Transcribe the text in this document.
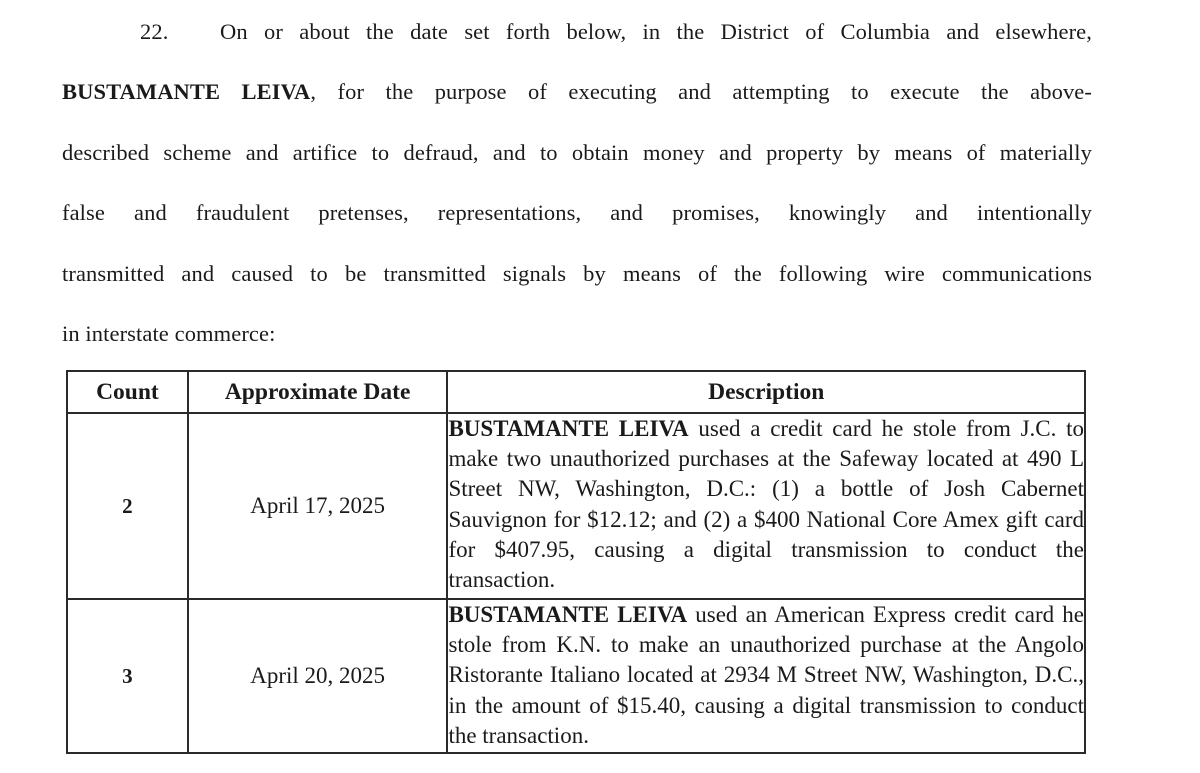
22. On or about the date set forth below, in the District of Columbia and elsewhere,
BUSTAMANTE LEIVA, for the purpose of executing and attempting to execute the above-
described scheme and artifice to defraud, and to obtain money and property by means of materially
false and fraudulent pretenses, representations, and promises, knowingly and intentionally
transmitted and caused to be transmitted signals by means of the following wire communications
in interstate commerce:
Count	Approximate Date	Description
2	April 17, 2025	BUSTAMANTE LEIVA used a credit card he stole from J.C. to make two unauthorized purchases at the Safeway located at 490 L Street NW, Washington, D.C.: (1) a bottle of Josh Cabernet Sauvignon for $12.12; and (2) a $400 National Core Amex gift card for $407.95, causing a digital transmission to conduct the transaction.
3	April 20, 2025	BUSTAMANTE LEIVA used an American Express credit card he stole from K.N. to make an unauthorized purchase at the Angolo Ristorante Italiano located at 2934 M Street NW, Washington, D.C., in the amount of $15.40, causing a digital transmission to conduct the transaction.
